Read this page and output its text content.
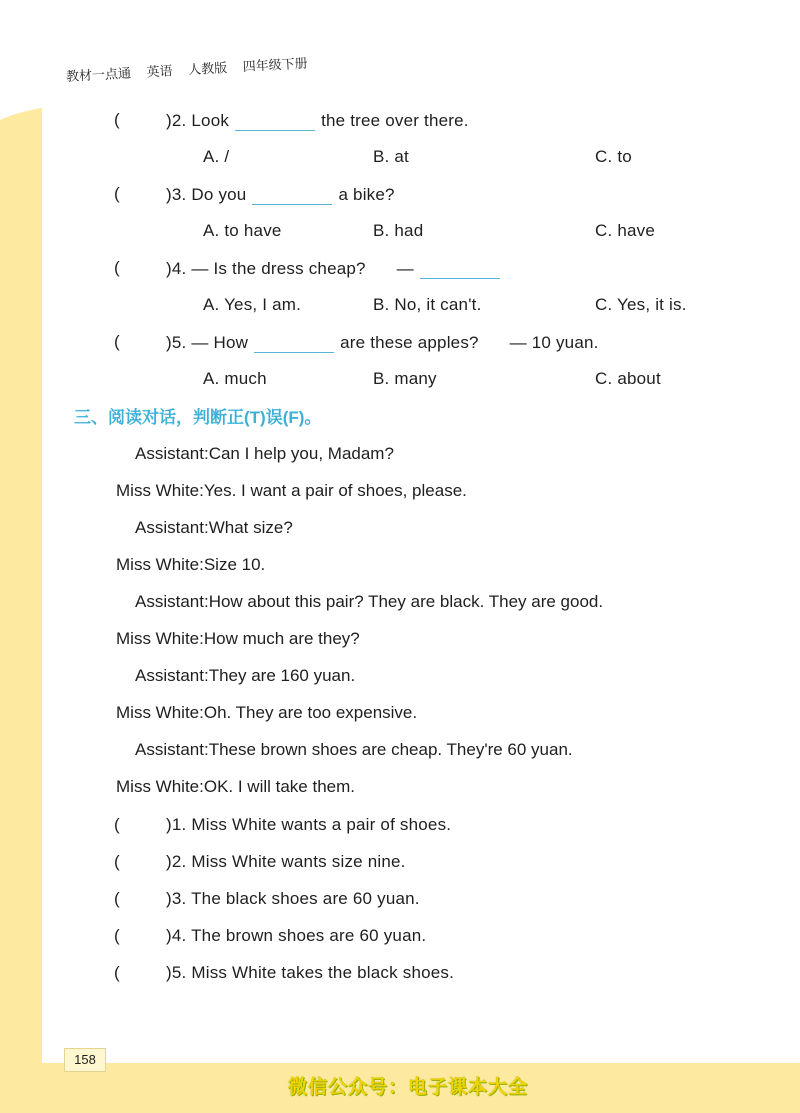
教材一点通 英语 人教版 四年级下册
(	)2. Look	the tree over there.
A. /	B. at	C. to
(	)3. Do you	a bike?
A. to have	B. had	C. have
(	)4. — Is the dress cheap? —
A. Yes, I am.	B. No, it can't.	C. Yes, it is.
(	)5. — How	are these apples? — 10 yuan.
A. much	B. many	C. about
三、阅读对话，判断正(T)误(F)。
Assistant:Can I help you, Madam?
Miss White:Yes. I want a pair of shoes, please.
Assistant:What size?
Miss White:Size 10.
Assistant:How about this pair? They are black. They are good.
Miss White:How much are they?
Assistant:They are 160 yuan.
Miss White:Oh. They are too expensive.
Assistant:These brown shoes are cheap. They're 60 yuan.
Miss White:OK. I will take them.
(	)1. Miss White wants a pair of shoes.
(	)2. Miss White wants size nine.
(	)3. The black shoes are 60 yuan.
(	)4. The brown shoes are 60 yuan.
(	)5. Miss White takes the black shoes.
158
微信公众号：电子课本大全
